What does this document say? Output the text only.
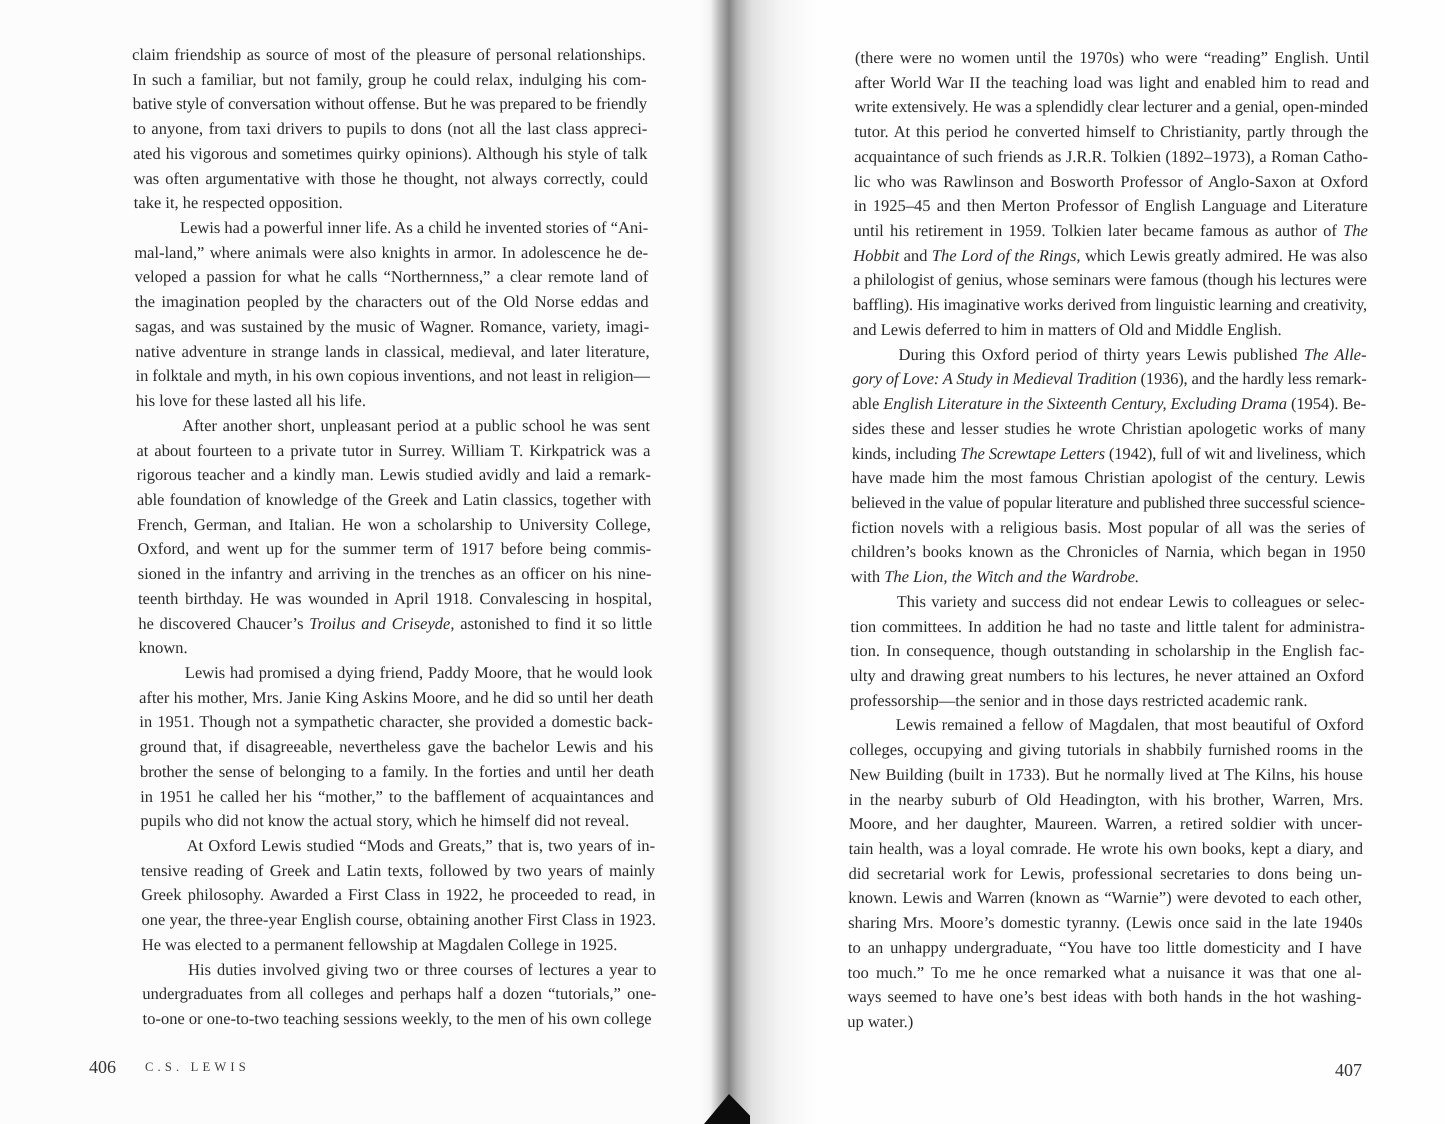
claim friendship as source of most of the pleasure of personal relationships.
In such a familiar, but not family, group he could relax, indulging his com-
bative style of conversation without offense. But he was prepared to be friendly
to anyone, from taxi drivers to pupils to dons (not all the last class appreci-
ated his vigorous and sometimes quirky opinions). Although his style of talk
was often argumentative with those he thought, not always correctly, could
take it, he respected opposition.
Lewis had a powerful inner life. As a child he invented stories of “Ani-
mal-land,” where animals were also knights in armor. In adolescence he de-
veloped a passion for what he calls “Northernness,” a clear remote land of
the imagination peopled by the characters out of the Old Norse eddas and
sagas, and was sustained by the music of Wagner. Romance, variety, imagi-
native adventure in strange lands in classical, medieval, and later literature,
in folktale and myth, in his own copious inventions, and not least in religion—
his love for these lasted all his life.
After another short, unpleasant period at a public school he was sent
at about fourteen to a private tutor in Surrey. William T. Kirkpatrick was a
rigorous teacher and a kindly man. Lewis studied avidly and laid a remark-
able foundation of knowledge of the Greek and Latin classics, together with
French, German, and Italian. He won a scholarship to University College,
Oxford, and went up for the summer term of 1917 before being commis-
sioned in the infantry and arriving in the trenches as an officer on his nine-
teenth birthday. He was wounded in April 1918. Convalescing in hospital,
he discovered Chaucer’s Troilus and Criseyde, astonished to find it so little
known.
Lewis had promised a dying friend, Paddy Moore, that he would look
after his mother, Mrs. Janie King Askins Moore, and he did so until her death
in 1951. Though not a sympathetic character, she provided a domestic back-
ground that, if disagreeable, nevertheless gave the bachelor Lewis and his
brother the sense of belonging to a family. In the forties and until her death
in 1951 he called her his “mother,” to the bafflement of acquaintances and
pupils who did not know the actual story, which he himself did not reveal.
At Oxford Lewis studied “Mods and Greats,” that is, two years of in-
tensive reading of Greek and Latin texts, followed by two years of mainly
Greek philosophy. Awarded a First Class in 1922, he proceeded to read, in
one year, the three-year English course, obtaining another First Class in 1923.
He was elected to a permanent fellowship at Magdalen College in 1925.
His duties involved giving two or three courses of lectures a year to
undergraduates from all colleges and perhaps half a dozen “tutorials,” one-
to-one or one-to-two teaching sessions weekly, to the men of his own college
406 C.S. LEWIS
(there were no women until the 1970s) who were “reading” English. Until
after World War II the teaching load was light and enabled him to read and
write extensively. He was a splendidly clear lecturer and a genial, open-minded
tutor. At this period he converted himself to Christianity, partly through the
acquaintance of such friends as J.R.R. Tolkien (1892–1973), a Roman Catho-
lic who was Rawlinson and Bosworth Professor of Anglo-Saxon at Oxford
in 1925–45 and then Merton Professor of English Language and Literature
until his retirement in 1959. Tolkien later became famous as author of The
Hobbit and The Lord of the Rings, which Lewis greatly admired. He was also
a philologist of genius, whose seminars were famous (though his lectures were
baffling). His imaginative works derived from linguistic learning and creativity,
and Lewis deferred to him in matters of Old and Middle English.
During this Oxford period of thirty years Lewis published The Alle-
gory of Love: A Study in Medieval Tradition (1936), and the hardly less remark-
able English Literature in the Sixteenth Century, Excluding Drama (1954). Be-
sides these and lesser studies he wrote Christian apologetic works of many
kinds, including The Screwtape Letters (1942), full of wit and liveliness, which
have made him the most famous Christian apologist of the century. Lewis
believed in the value of popular literature and published three successful science-
fiction novels with a religious basis. Most popular of all was the series of
children’s books known as the Chronicles of Narnia, which began in 1950
with The Lion, the Witch and the Wardrobe.
This variety and success did not endear Lewis to colleagues or selec-
tion committees. In addition he had no taste and little talent for administra-
tion. In consequence, though outstanding in scholarship in the English fac-
ulty and drawing great numbers to his lectures, he never attained an Oxford
professorship—the senior and in those days restricted academic rank.
Lewis remained a fellow of Magdalen, that most beautiful of Oxford
colleges, occupying and giving tutorials in shabbily furnished rooms in the
New Building (built in 1733). But he normally lived at The Kilns, his house
in the nearby suburb of Old Headington, with his brother, Warren, Mrs.
Moore, and her daughter, Maureen. Warren, a retired soldier with uncer-
tain health, was a loyal comrade. He wrote his own books, kept a diary, and
did secretarial work for Lewis, professional secretaries to dons being un-
known. Lewis and Warren (known as “Warnie”) were devoted to each other,
sharing Mrs. Moore’s domestic tyranny. (Lewis once said in the late 1940s
to an unhappy undergraduate, “You have too little domesticity and I have
too much.” To me he once remarked what a nuisance it was that one al-
ways seemed to have one’s best ideas with both hands in the hot washing-
up water.)
407
